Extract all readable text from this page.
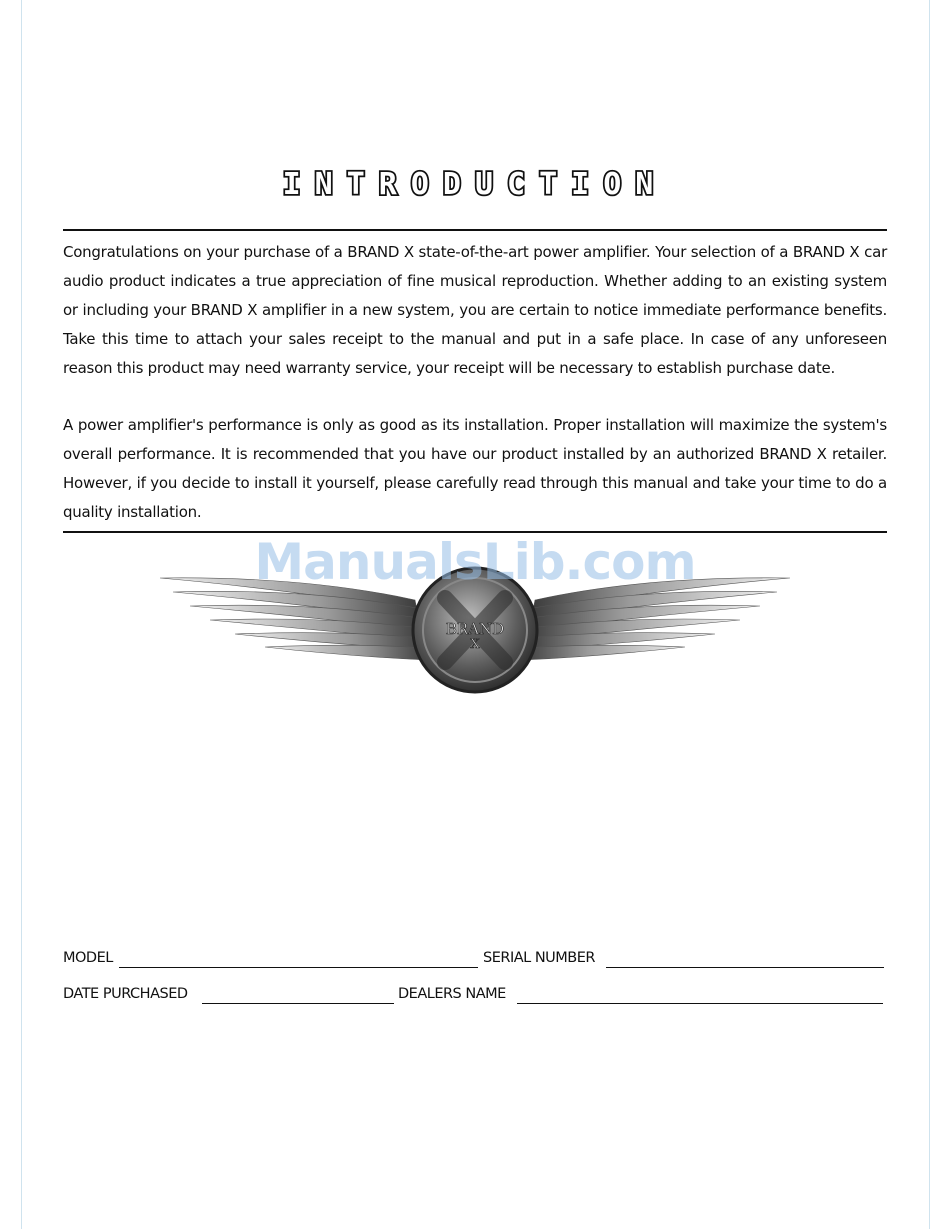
INTRODUCTION

Congratulations on your purchase of a BRAND X state-of-the-art power amplifier. Your selection of a BRAND X car audio product indicates a true appreciation of fine musical reproduction. Whether adding to an existing system or including your BRAND X amplifier in a new system, you are certain to notice immediate performance benefits. Take this time to attach your sales receipt to the manual and put in a safe place. In case of any unforeseen reason this product may need warranty service, your receipt will be necessary to establish purchase date.

A power amplifier's performance is only as good as its installation. Proper installation will maximize the system's overall performance. It is recommended that you have our product installed by an authorized BRAND X retailer. However, if you decide to install it yourself, please carefully read through this manual and take your time to do a quality installation.

BRAND
X
ManualsLib.com
MODEL	SERIAL NUMBER
DATE PURCHASED	DEALERS NAME
